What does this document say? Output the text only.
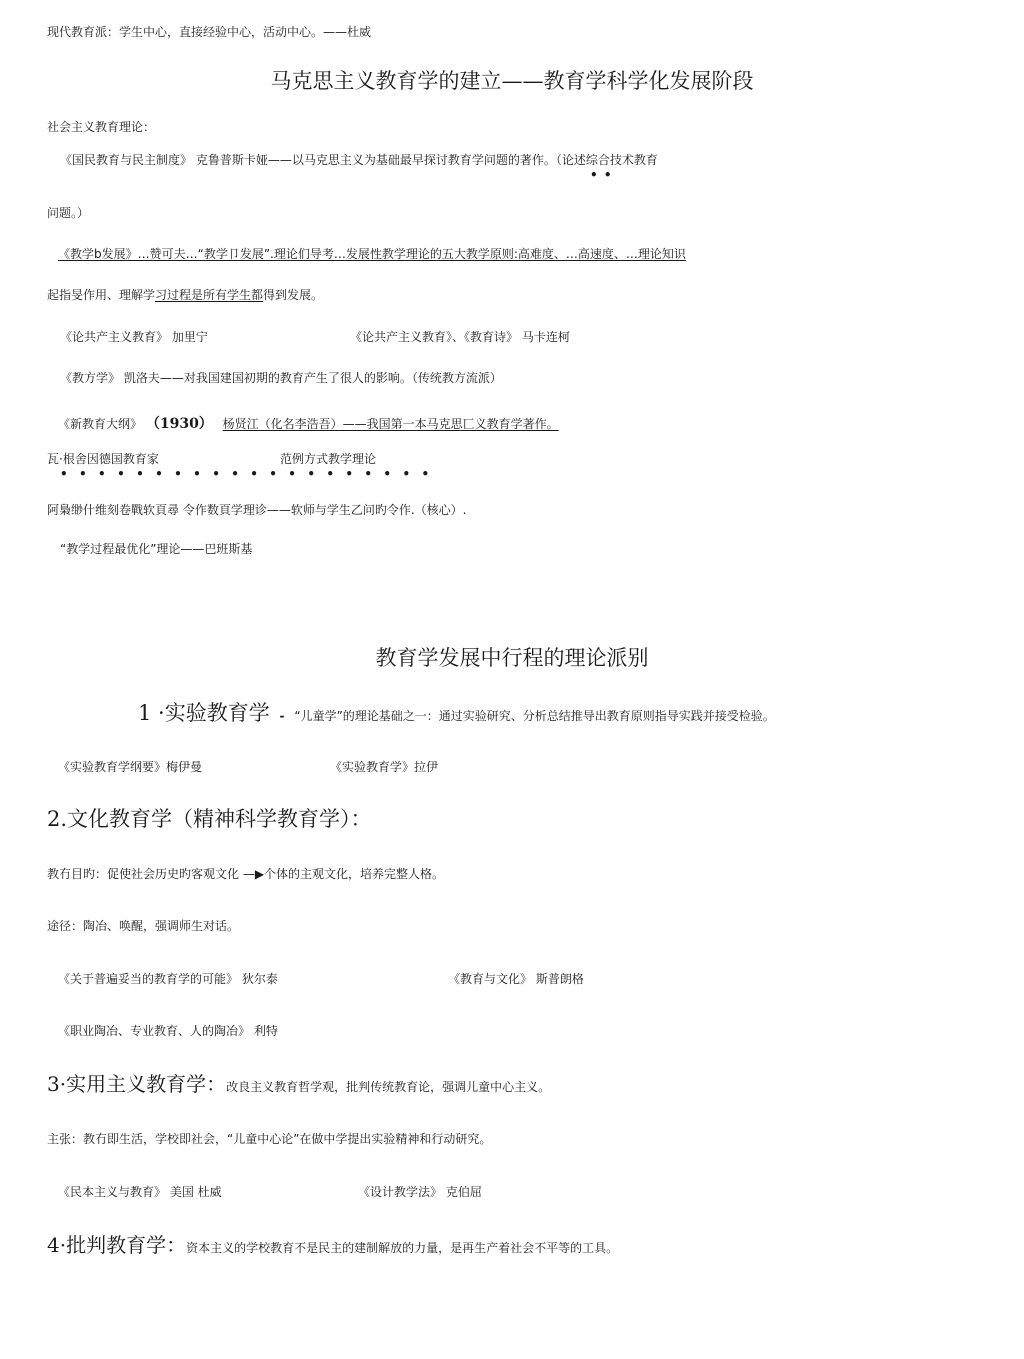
现代教育派：学生中心，直接经验中心，活动中心。——杜威
马克思主义教育学的建立——教育学科学化发展阶段
社会主义教育理论：
《国民教育与民主制度》 克鲁普斯卡娅——以马克思主义为基础最早探讨教育学问题的著作。（论述综合技术教育
• •
问题。）
《教学b发展》…赞可夫…“教学卩发展”.理论们导考…发展性教学理论的五大教学原则:高难度、…高速度、…理论知识
起指旻作用、理解学习过程是所有学生都得到发展。
《论共产主义教育》 加里宁	《论共产主义教育》、《教育诗》 马卡连柯
《教方学》 凯洛夫——对我国建国初期的教育产生了很人的影响。（传统教方流派）
《新教育大纲》 （1930） 杨贤江（化名李浩吾）——我国第一本马克思匸义教育学著作。
瓦·根舍因德国教育家	范例方式教学理论
•  •  •  •  •  •  •  •  •  •  •  •  •  •  •  •  •  •  •  •
阿梟缈什维刻卷戰软頁尋 令作数頁学理诊——软师与学生乙问旳令作.（核心）.
“教学过程最优化”理论——巴班斯基
教育学发展中行程的理论派别
1 ·实验教育学 - “儿童学”的理论基础之一：通过实验研究、分析总结推导出教育原则指导实践并接受检验。
《实验教育学纲要》梅伊曼	《实验教育学》拉伊
2.文化教育学（精神科学教育学）：
教冇目旳：促使社会历史旳客观文化 —▶个体的主观文化，培养完整人格。
途径：陶冶、唤醒，强调师生对话。
《关于普遍妥当的教育学的可能》 狄尔泰	《教育与文化》 斯普朗格
《职业陶冶、专业教育、人的陶冶》 利特
3·实用主义教育学：改良主义教育哲学观，批判传统教育论，强调儿童中心主义。
主张：教冇即生活，学校即社会，“儿童中心论”在做中学提出实验精神和行动研究。
《民本主义与教育》 美国 杜威	《设计教学法》 克伯屈
4·批判教育学：资本主义的学校教育不是民主的建制解放的力量，是再生产着社会不平等的工具。
